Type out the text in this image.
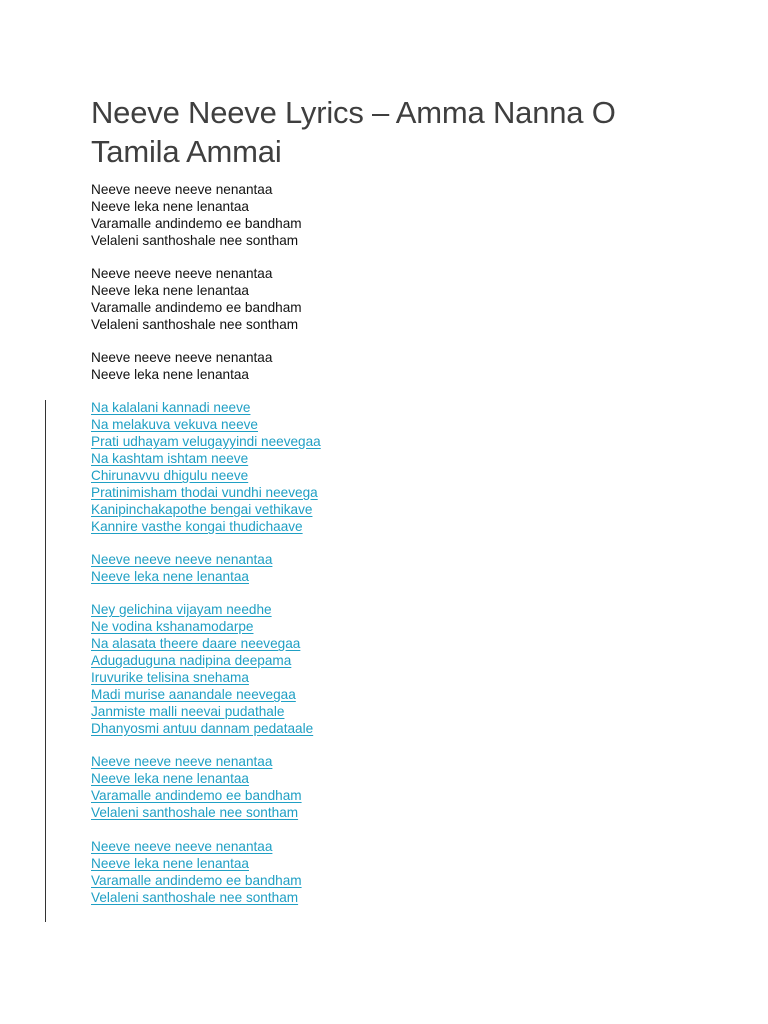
Neeve Neeve Lyrics – Amma Nanna O Tamila Ammai
Neeve neeve neeve nenantaa
Neeve leka nene lenantaa
Varamalle andindemo ee bandham
Velaleni santhoshale nee sontham
Neeve neeve neeve nenantaa
Neeve leka nene lenantaa
Varamalle andindemo ee bandham
Velaleni santhoshale nee sontham
Neeve neeve neeve nenantaa
Neeve leka nene lenantaa
Na kalalani kannadi neeve
Na melakuva vekuva neeve
Prati udhayam velugayyindi neevegaa
Na kashtam ishtam neeve
Chirunavvu dhigulu neeve
Pratinimisham thodai vundhi neevega
Kanipinchakapothe bengai vethikave
Kannire vasthe kongai thudichaave
Neeve neeve neeve nenantaa
Neeve leka nene lenantaa
Ney gelichina vijayam needhe
Ne vodina kshanamodarpe
Na alasata theere daare neevegaa
Adugaduguna nadipina deepama
Iruvurike telisina snehama
Madi murise aanandale neevegaa
Janmiste malli neevai pudathale
Dhanyosmi antuu dannam pedataale
Neeve neeve neeve nenantaa
Neeve leka nene lenantaa
Varamalle andindemo ee bandham
Velaleni santhoshale nee sontham
Neeve neeve neeve nenantaa
Neeve leka nene lenantaa
Varamalle andindemo ee bandham
Velaleni santhoshale nee sontham
